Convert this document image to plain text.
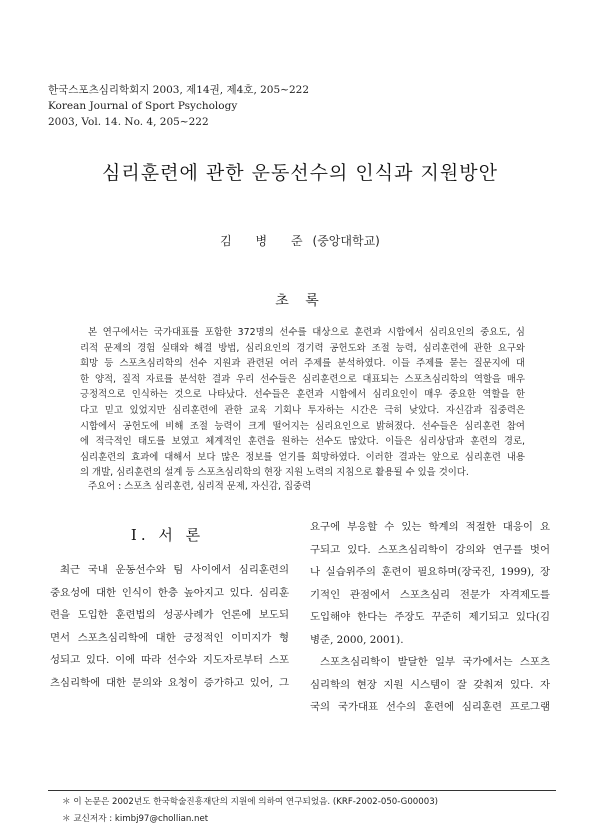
한국스포츠심리학회지 2003, 제14권, 제4호, 205∼222
Korean Journal of Sport Psychology
2003, Vol. 14. No. 4, 205∼222
심리훈련에 관한 운동선수의 인식과 지원방안
김 병 준(중앙대학교)
초 록
본 연구에서는 국가대표를 포함한 372명의 선수를 대상으로 훈련과 시합에서 심리요인의 중요도, 심
리적 문제의 경험 실태와 해결 방법, 심리요인의 경기력 공헌도와 조절 능력, 심리훈련에 관한 요구와
희망 등 스포츠심리학의 선수 지원과 관련된 여러 주제를 분석하였다. 이들 주제를 묻는 질문지에 대
한 양적, 질적 자료를 분석한 결과 우리 선수들은 심리훈련으로 대표되는 스포츠심리학의 역할을 매우
긍정적으로 인식하는 것으로 나타났다. 선수들은 훈련과 시합에서 심리요인이 매우 중요한 역할을 한
다고 믿고 있었지만 심리훈련에 관한 교육 기회나 투자하는 시간은 극히 낮았다. 자신감과 집중력은
시합에서 공헌도에 비해 조절 능력이 크게 떨어지는 심리요인으로 밝혀졌다. 선수들은 심리훈련 참여
에 적극적인 태도를 보였고 체계적인 훈련을 원하는 선수도 많았다. 이들은 심리상담과 훈련의 경로,
심리훈련의 효과에 대해서 보다 많은 정보를 얻기를 희망하였다. 이러한 결과는 앞으로 심리훈련 내용
의 개발, 심리훈련의 설계 등 스포츠심리학의 현장 지원 노력의 지침으로 활용될 수 있을 것이다.
주요어 : 스포츠 심리훈련, 심리적 문제, 자신감, 집중력
Ⅰ. 서 론
최근 국내 운동선수와 팀 사이에서 심리훈련의
중요성에 대한 인식이 한층 높아지고 있다. 심리훈
련을 도입한 훈련법의 성공사례가 언론에 보도되
면서 스포츠심리학에 대한 긍정적인 이미지가 형
성되고 있다. 이에 따라 선수와 지도자로부터 스포
츠심리학에 대한 문의와 요청이 증가하고 있어, 그
요구에 부응할 수 있는 학계의 적절한 대응이 요
구되고 있다. 스포츠심리학이 강의와 연구를 벗어
나 실습위주의 훈련이 필요하며(장국진, 1999), 장
기적인 관점에서 스포츠심리 전문가 자격제도를
도입해야 한다는 주장도 꾸준히 제기되고 있다(김
병준, 2000, 2001).
스포츠심리학이 발달한 일부 국가에서는 스포츠
심리학의 현장 지원 시스템이 잘 갖춰져 있다. 자
국의 국가대표 선수의 훈련에 심리훈련 프로그램
＊ 이 논문은 2002년도 한국학술진흥재단의 지원에 의하여 연구되었음. (KRF-2002-050-G00003)
＊ 교신저자 : kimbj97@chollian.net
